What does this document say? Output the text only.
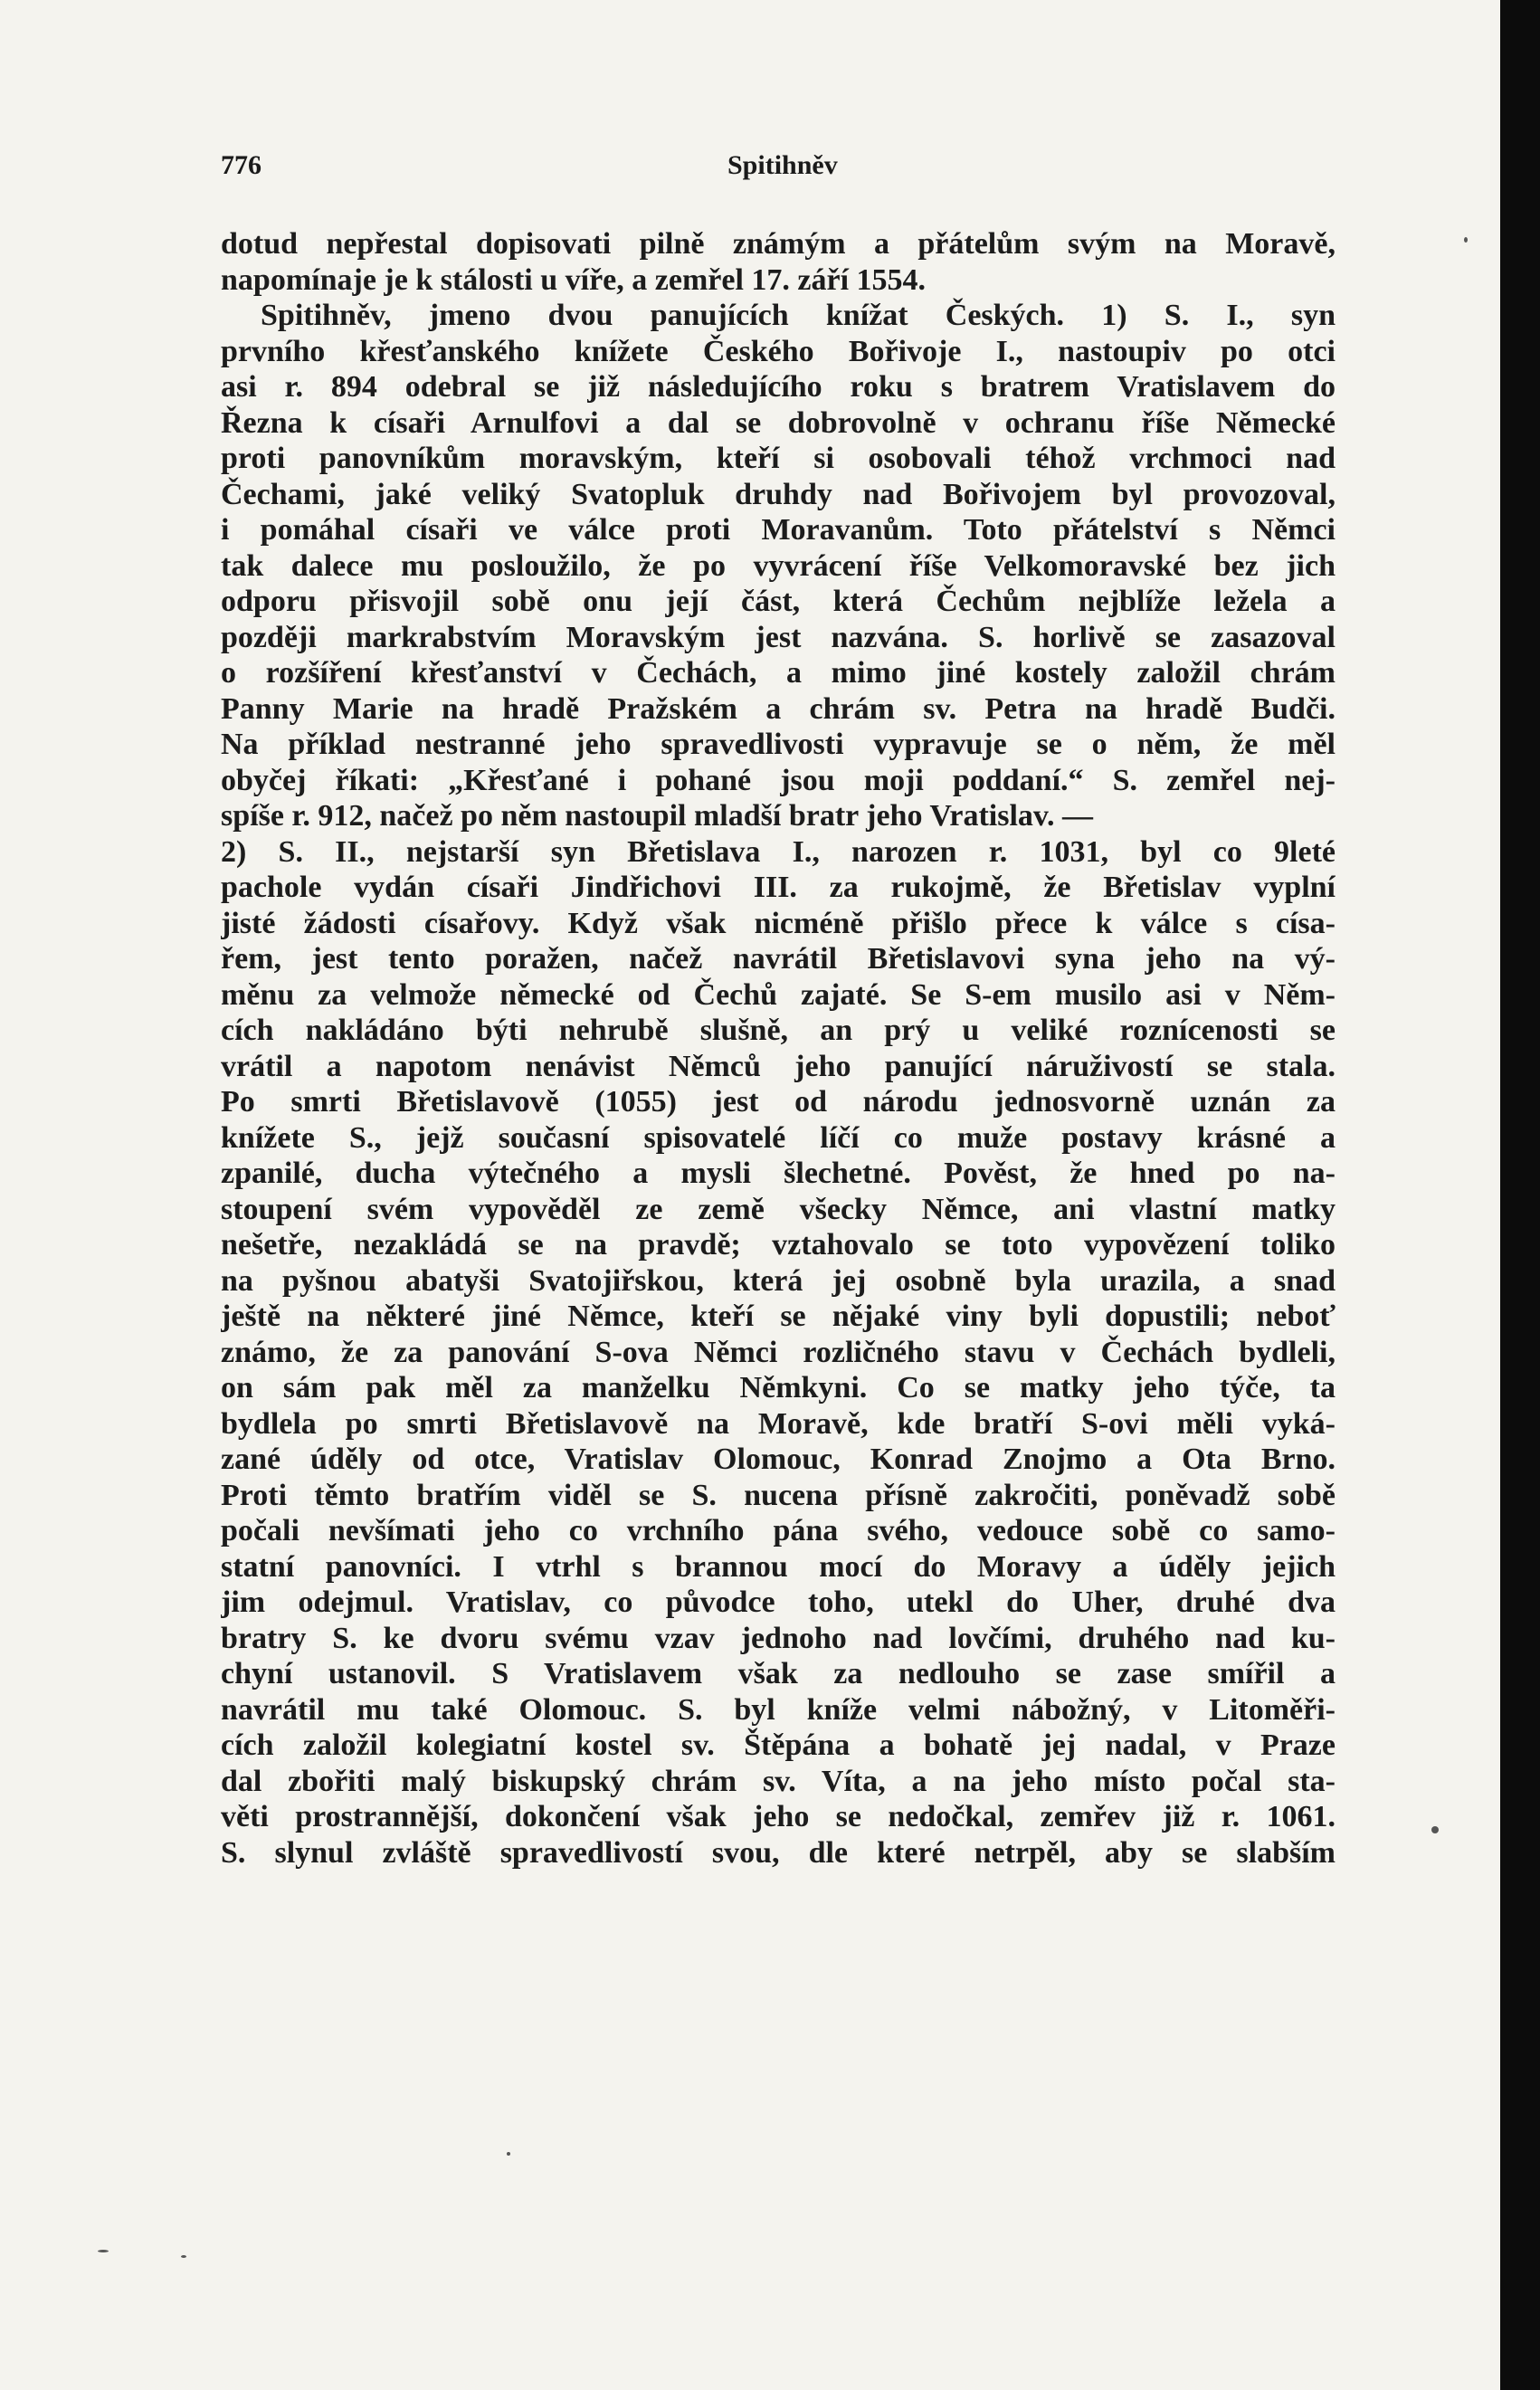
776	Spitihněv
dotud nepřestal dopisovati pilně známým a přátelům svým na Moravě,
napomínaje je k stálosti u víře, a zemřel 17. září 1554.
Spitihněv, jmeno dvou panujících knížat Českých. 1) S. I., syn
prvního křesťanského knížete Českého Bořivoje I., nastoupiv po otci
asi r. 894 odebral se již následujícího roku s bratrem Vratislavem do
Řezna k císaři Arnulfovi a dal se dobrovolně v ochranu říše Německé
proti panovníkům moravským, kteří si osobovali téhož vrchmoci nad
Čechami, jaké veliký Svatopluk druhdy nad Bořivojem byl provozoval,
i pomáhal císaři ve válce proti Moravanům. Toto přátelství s Němci
tak dalece mu posloužilo, že po vyvrácení říše Velkomoravské bez jich
odporu přisvojil sobě onu její část, která Čechům nejblíže ležela a
později markrabstvím Moravským jest nazvána. S. horlivě se zasazoval
o rozšíření křesťanství v Čechách, a mimo jiné kostely založil chrám
Panny Marie na hradě Pražském a chrám sv. Petra na hradě Budči.
Na příklad nestranné jeho spravedlivosti vypravuje se o něm, že měl
obyčej říkati: „Křesťané i pohané jsou moji poddaní.“ S. zemřel nej-
spíše r. 912, načež po něm nastoupil mladší bratr jeho Vratislav. —
2) S. II., nejstarší syn Břetislava I., narozen r. 1031, byl co 9leté
pachole vydán císaři Jindřichovi III. za rukojmě, že Břetislav vyplní
jisté žádosti císařovy. Když však nicméně přišlo přece k válce s císa-
řem, jest tento poražen, načež navrátil Břetislavovi syna jeho na vý-
měnu za velmože německé od Čechů zajaté. Se S-em musilo asi v Něm-
cích nakládáno býti nehrubě slušně, an prý u veliké roznícenosti se
vrátil a napotom nenávist Němců jeho panující náruživostí se stala.
Po smrti Břetislavově (1055) jest od národu jednosvorně uznán za
knížete S., jejž současní spisovatelé líčí co muže postavy krásné a
zpanilé, ducha výtečného a mysli šlechetné. Pověst, že hned po na-
stoupení svém vypověděl ze země všecky Němce, ani vlastní matky
nešetře, nezakládá se na pravdě; vztahovalo se toto vypovězení toliko
na pyšnou abatyši Svatojiřskou, která jej osobně byla urazila, a snad
ještě na některé jiné Němce, kteří se nějaké viny byli dopustili; neboť
známo, že za panování S-ova Němci rozličného stavu v Čechách bydleli,
on sám pak měl za manželku Němkyni. Co se matky jeho týče, ta
bydlela po smrti Břetislavově na Moravě, kde bratří S-ovi měli vyká-
zané úděly od otce, Vratislav Olomouc, Konrad Znojmo a Ota Brno.
Proti těmto bratřím viděl se S. nucena přísně zakročiti, poněvadž sobě
počali nevšímati jeho co vrchního pána svého, vedouce sobě co samo-
statní panovníci. I vtrhl s brannou mocí do Moravy a úděly jejich
jim odejmul. Vratislav, co původce toho, utekl do Uher, druhé dva
bratry S. ke dvoru svému vzav jednoho nad lovčími, druhého nad ku-
chyní ustanovil. S Vratislavem však za nedlouho se zase smířil a
navrátil mu také Olomouc. S. byl kníže velmi nábožný, v Litoměři-
cích založil kolegiatní kostel sv. Štěpána a bohatě jej nadal, v Praze
dal zbořiti malý biskupský chrám sv. Víta, a na jeho místo počal sta-
věti prostrannější, dokončení však jeho se nedočkal, zemřev již r. 1061.
S. slynul zvláště spravedlivostí svou, dle které netrpěl, aby se slabším
